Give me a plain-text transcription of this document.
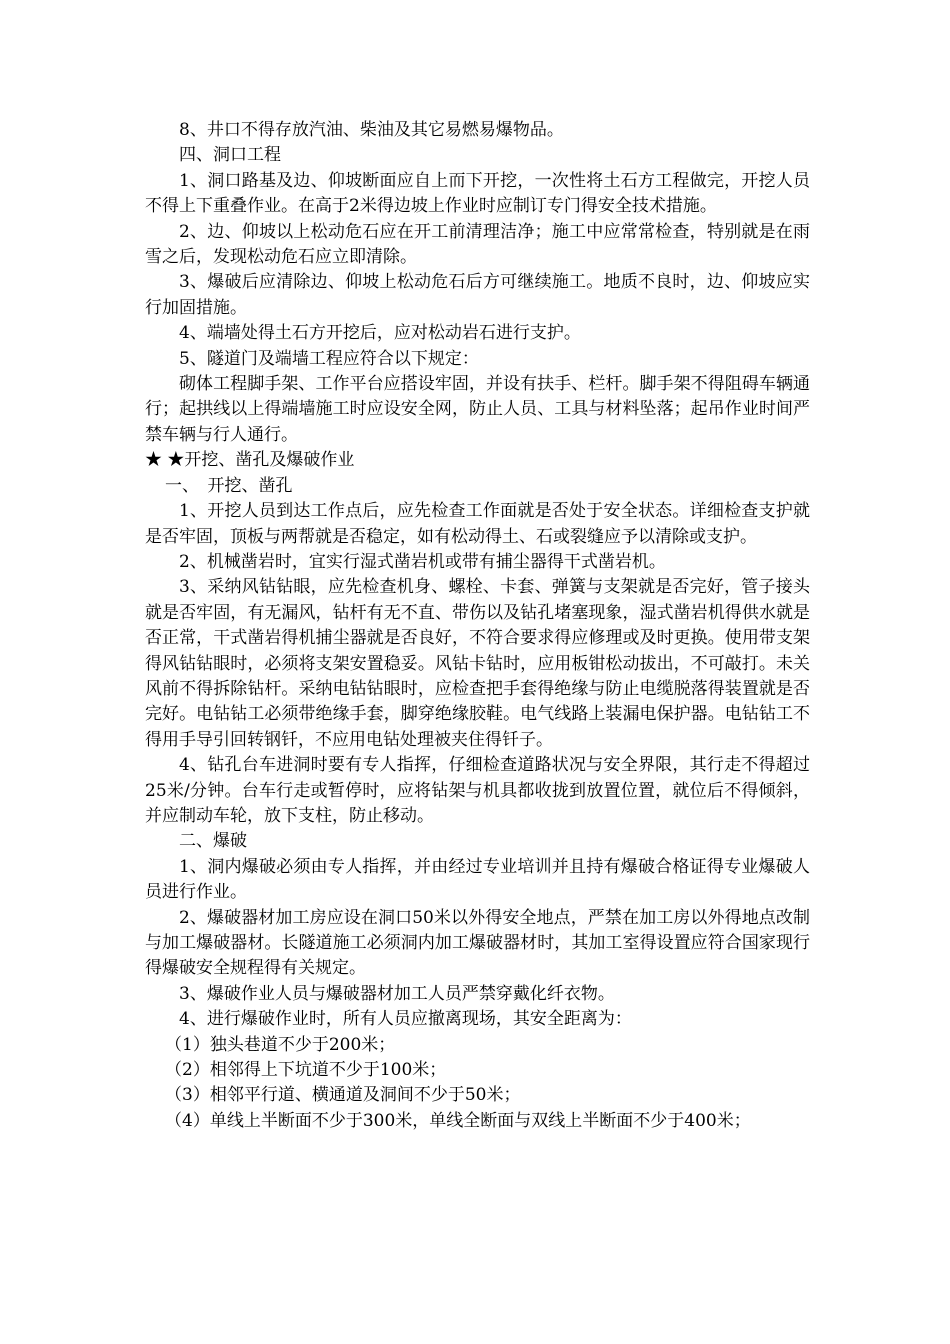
8、井口不得存放汽油、柴油及其它易燃易爆物品。

四、洞口工程

1、洞口路基及边、仰坡断面应自上而下开挖，一次性将土石方工程做完，开挖人员不得上下重叠作业。在高于2米得边坡上作业时应制订专门得安全技术措施。

2、边、仰坡以上松动危石应在开工前清理洁净；施工中应常常检查，特别就是在雨雪之后，发现松动危石应立即清除。

3、爆破后应清除边、仰坡上松动危石后方可继续施工。地质不良时，边、仰坡应实行加固措施。

4、端墙处得土石方开挖后，应对松动岩石进行支护。

5、隧道门及端墙工程应符合以下规定：

砌体工程脚手架、工作平台应搭设牢固，并设有扶手、栏杆。脚手架不得阻碍车辆通行；起拱线以上得端墙施工时应设安全网，防止人员、工具与材料坠落；起吊作业时间严禁车辆与行人通行。

★ ★开挖、凿孔及爆破作业

一、　开挖、凿孔

1、开挖人员到达工作点后，应先检查工作面就是否处于安全状态。详细检查支护就是否牢固，顶板与两帮就是否稳定，如有松动得土、石或裂缝应予以清除或支护。

2、机械凿岩时，宜实行湿式凿岩机或带有捕尘器得干式凿岩机。

3、采纳风钻钻眼，应先检查机身、螺栓、卡套、弹簧与支架就是否完好，管子接头就是否牢固，有无漏风，钻杆有无不直、带伤以及钻孔堵塞现象，湿式凿岩机得供水就是否正常，干式凿岩得机捕尘器就是否良好，不符合要求得应修理或及时更换。使用带支架得风钻钻眼时，必须将支架安置稳妥。风钻卡钻时，应用板钳松动拔出，不可敲打。未关风前不得拆除钻杆。采纳电钻钻眼时，应检查把手套得绝缘与防止电缆脱落得装置就是否完好。电钻钻工必须带绝缘手套，脚穿绝缘胶鞋。电气线路上装漏电保护器。电钻钻工不得用手导引回转钢钎，不应用电钻处理被夹住得钎子。

4、钻孔台车进洞时要有专人指挥，仔细检查道路状况与安全界限，其行走不得超过25米/分钟。台车行走或暂停时，应将钻架与机具都收拢到放置位置，就位后不得倾斜，并应制动车轮，放下支柱，防止移动。

二、爆破

1、洞内爆破必须由专人指挥，并由经过专业培训并且持有爆破合格证得专业爆破人员进行作业。

2、爆破器材加工房应设在洞口50米以外得安全地点，严禁在加工房以外得地点改制与加工爆破器材。长隧道施工必须洞内加工爆破器材时，其加工室得设置应符合国家现行得爆破安全规程得有关规定。

3、爆破作业人员与爆破器材加工人员严禁穿戴化纤衣物。

4、进行爆破作业时，所有人员应撤离现场，其安全距离为：

（1）独头巷道不少于200米；

（2）相邻得上下坑道不少于100米；

（3）相邻平行道、横通道及洞间不少于50米；

（4）单线上半断面不少于300米，单线全断面与双线上半断面不少于400米；
